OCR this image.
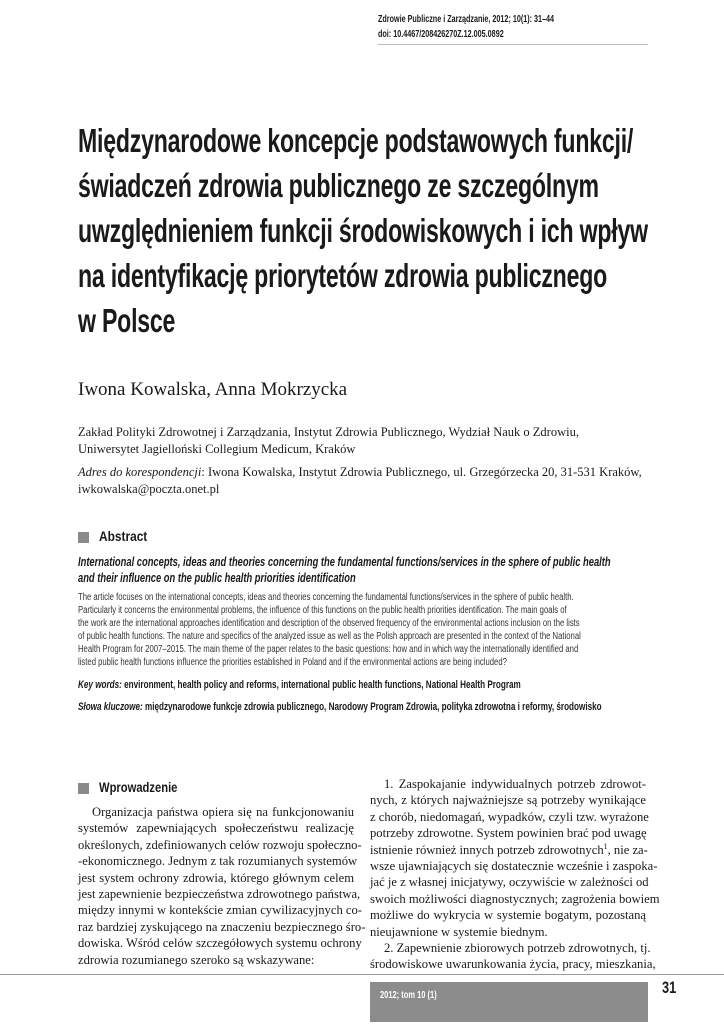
Zdrowie Publiczne i Zarządzanie, 2012; 10(1): 31–44
doi: 10.4467/208426270Z.12.005.0892
Międzynarodowe koncepcje podstawowych funkcji/
świadczeń zdrowia publicznego ze szczególnym
uwzględnieniem funkcji środowiskowych i ich wpływ
na identyfikację priorytetów zdrowia publicznego
w Polsce
Iwona Kowalska, Anna Mokrzycka
Zakład Polityki Zdrowotnej i Zarządzania, Instytut Zdrowia Publicznego, Wydział Nauk o Zdrowiu,
Uniwersytet Jagielloński Collegium Medicum, Kraków
Adres do korespondencji: Iwona Kowalska, Instytut Zdrowia Publicznego, ul. Grzegórzecka 20, 31-531 Kraków,
iwkowalska@poczta.onet.pl
Abstract
International concepts, ideas and theories concerning the fundamental functions/services in the sphere of public health
and their influence on the public health priorities identification
The article focuses on the international concepts, ideas and theories concerning the fundamental functions/services in the sphere of public health.
Particularly it concerns the environmental problems, the influence of this functions on the public health priorities identification. The main goals of
the work are the international approaches identification and description of the observed frequency of the environmental actions inclusion on the lists
of public health functions. The nature and specifics of the analyzed issue as well as the Polish approach are presented in the context of the National
Health Program for 2007–2015. The main theme of the paper relates to the basic questions: how and in which way the internationally identified and
listed public health functions influence the priorities established in Poland and if the environmental actions are being included?
Key words: environment, health policy and reforms, international public health functions, National Health Program
Słowa kluczowe: międzynarodowe funkcje zdrowia publicznego, Narodowy Program Zdrowia, polityka zdrowotna i reformy, środowisko
Wprowadzenie
Organizacja państwa opiera się na funkcjonowaniu
systemów zapewniających społeczeństwu realizację
określonych, zdefiniowanych celów rozwoju społeczno-
-ekonomicznego. Jednym z tak rozumianych systemów
jest system ochrony zdrowia, którego głównym celem
jest zapewnienie bezpieczeństwa zdrowotnego państwa,
między innymi w kontekście zmian cywilizacyjnych co-
raz bardziej zyskującego na znaczeniu bezpiecznego śro-
dowiska. Wśród celów szczegółowych systemu ochrony
zdrowia rozumianego szeroko są wskazywane:
1. Zaspokajanie indywidualnych potrzeb zdrowot-
nych, z których najważniejsze są potrzeby wynikające
z chorób, niedomagań, wypadków, czyli tzw. wyrażone
potrzeby zdrowotne. System powinien brać pod uwagę
istnienie również innych potrzeb zdrowotnych$^1$, nie za-
wsze ujawniających się dostatecznie wcześnie i zaspoka-
jać je z własnej inicjatywy, oczywiście w zależności od
swoich możliwości diagnostycznych; zagrożenia bowiem
możliwe do wykrycia w systemie bogatym, pozostaną
nieujawnione w systemie biednym.
2. Zapewnienie zbiorowych potrzeb zdrowotnych, tj.
środowiskowe uwarunkowania życia, pracy, mieszkania,
2012; tom 10 (1)	31
